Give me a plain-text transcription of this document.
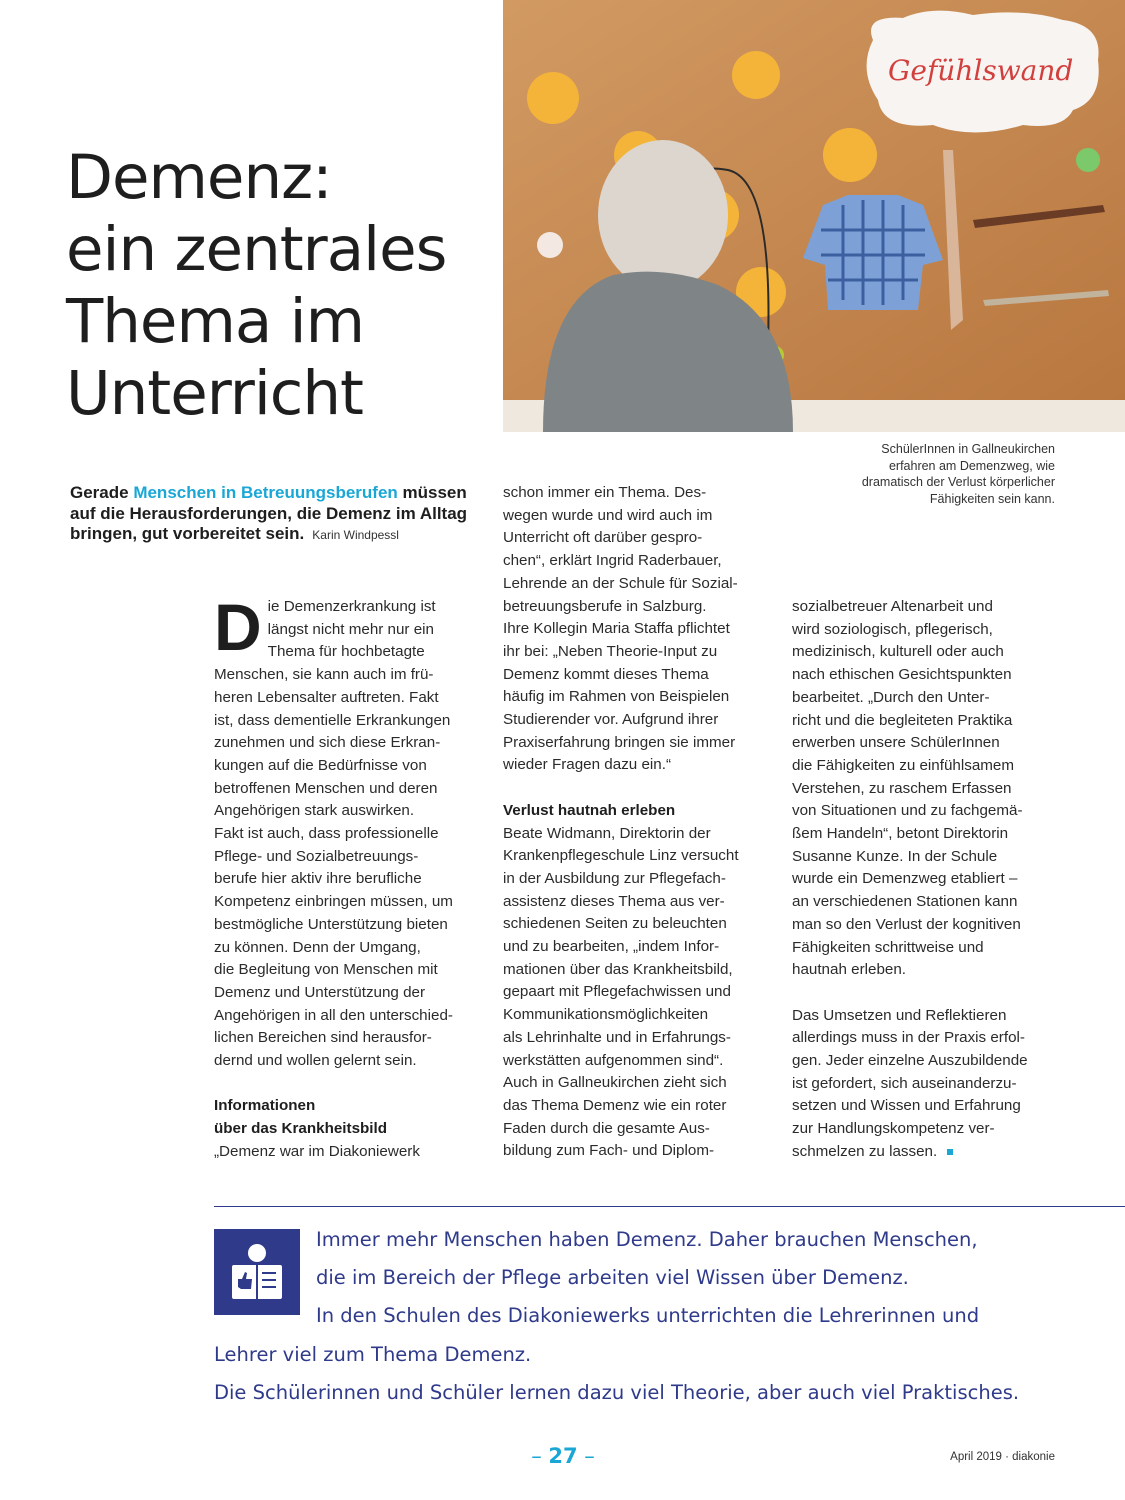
Demenz:
ein zentrales
Thema im
Unterricht
Gefühlswand
SchülerInnen in Gallneukirchen
erfahren am Demenzweg, wie
dramatisch der Verlust körperlicher
Fähigkeiten sein kann.
Gerade Menschen in Betreuungsberufen müssen
auf die Herausforderungen, die Demenz im Alltag
bringen, gut vorbereitet sein. Karin Windpessl
D ie Demenzerkrankung ist
längst nicht mehr nur ein
Thema für hochbetagte
Menschen, sie kann auch im frü-
heren Lebensalter auftreten. Fakt
ist, dass dementielle Erkrankungen
zunehmen und sich diese Erkran-
kungen auf die Bedürfnisse von
betroffenen Menschen und deren
Angehörigen stark auswirken.
Fakt ist auch, dass professionelle
Pflege- und Sozialbetreuungs-
berufe hier aktiv ihre berufliche
Kompetenz einbringen müssen, um
bestmögliche Unterstützung bieten
zu können. Denn der Umgang,
die Begleitung von Menschen mit
Demenz und Unterstützung der
Angehörigen in all den unterschied-
lichen Bereichen sind herausfor-
dernd und wollen gelernt sein.
Informationen
über das Krankheitsbild
„Demenz war im Diakoniewerk
schon immer ein Thema. Des-
wegen wurde und wird auch im
Unterricht oft darüber gespro-
chen“, erklärt Ingrid Raderbauer,
Lehrende an der Schule für Sozial-
betreuungsberufe in Salzburg.
Ihre Kollegin Maria Staffa pflichtet
ihr bei: „Neben Theorie-Input zu
Demenz kommt dieses Thema
häufig im Rahmen von Beispielen
Studierender vor. Aufgrund ihrer
Praxiserfahrung bringen sie immer
wieder Fragen dazu ein.“
Verlust hautnah erleben
Beate Widmann, Direktorin der
Krankenpflegeschule Linz versucht
in der Ausbildung zur Pflegefach-
assistenz dieses Thema aus ver-
schiedenen Seiten zu beleuchten
und zu bearbeiten, „indem Infor-
mationen über das Krankheitsbild,
gepaart mit Pflegefachwissen und
Kommunikationsmöglichkeiten
als Lehrinhalte und in Erfahrungs-
werkstätten aufgenommen sind“.
Auch in Gallneukirchen zieht sich
das Thema Demenz wie ein roter
Faden durch die gesamte Aus-
bildung zum Fach- und Diplom-
sozialbetreuer Altenarbeit und
wird soziologisch, pflegerisch,
medizinisch, kulturell oder auch
nach ethischen Gesichtspunkten
bearbeitet. „Durch den Unter-
richt und die begleiteten Praktika
erwerben unsere SchülerInnen
die Fähigkeiten zu einfühlsamem
Verstehen, zu raschem Erfassen
von Situationen und zu fachgemä-
ßem Handeln“, betont Direktorin
Susanne Kunze. In der Schule
wurde ein Demenzweg etabliert –
an verschiedenen Stationen kann
man so den Verlust der kognitiven
Fähigkeiten schrittweise und
hautnah erleben.
Das Umsetzen und Reflektieren
allerdings muss in der Praxis erfol-
gen. Jeder einzelne Auszubildende
ist gefordert, sich auseinanderzu-
setzen und Wissen und Erfahrung
zur Handlungskompetenz ver-
schmelzen zu lassen.
Immer mehr Menschen haben Demenz. Daher brauchen Menschen,
die im Bereich der Pflege arbeiten viel Wissen über Demenz.
In den Schulen des Diakoniewerks unterrichten die Lehrerinnen und
Lehrer viel zum Thema Demenz.
Die Schülerinnen und Schüler lernen dazu viel Theorie, aber auch viel Praktisches.
– 27 –	April 2019 · diakonie
